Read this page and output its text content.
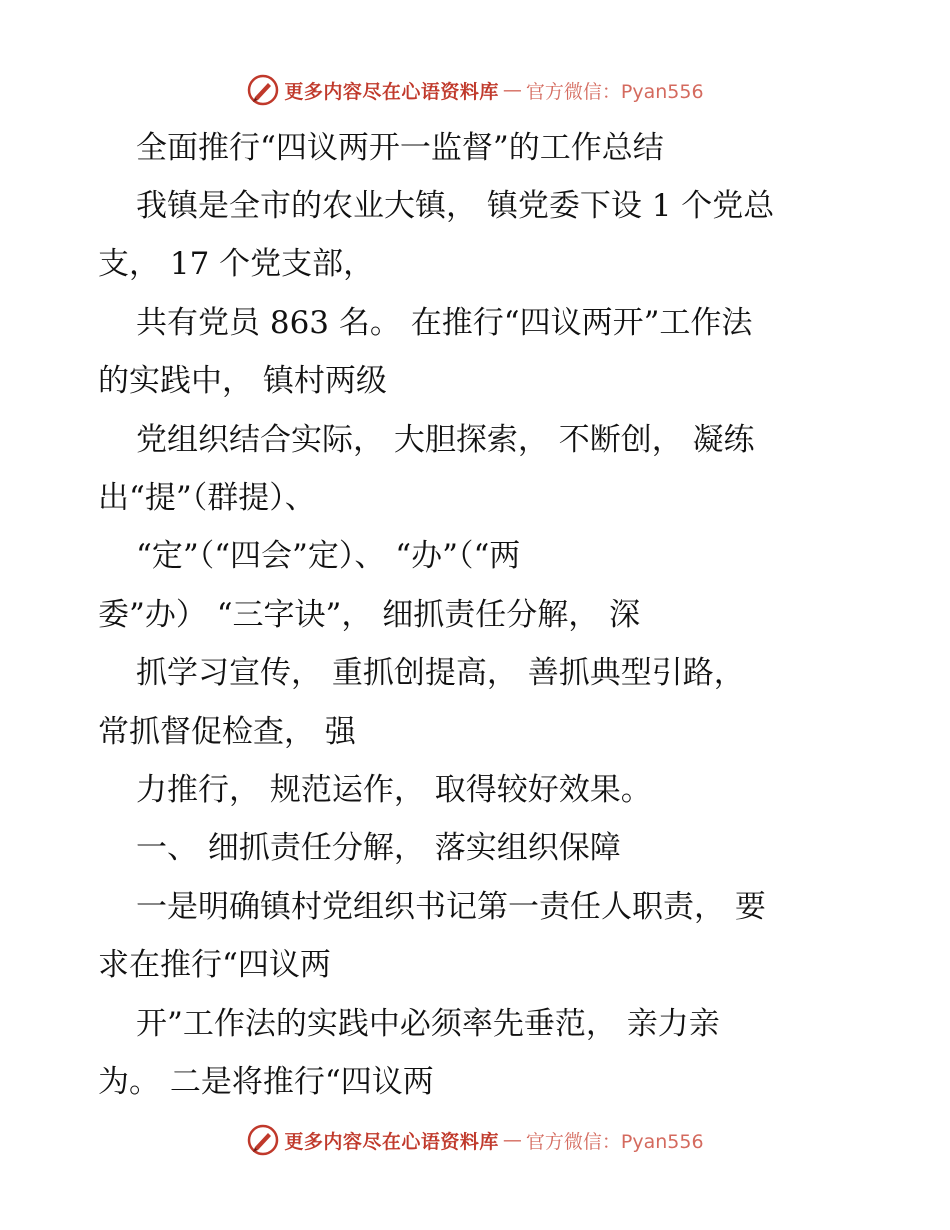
更多内容尽在心语资料库 — 官方微信：Pyan556
全面推行“四议两开一监督”的工作总结
我镇是全市的农业大镇， 镇党委下设 1 个党总
支， 17 个党支部，
共有党员 863 名。 在推行“四议两开”工作法
的实践中， 镇村两级
党组织结合实际， 大胆探索， 不断创， 凝练
出“提”（群提）、
“定”（“四会”定）、 “办”（“两
委”办） “三字诀”， 细抓责任分解， 深
抓学习宣传， 重抓创提高， 善抓典型引路，
常抓督促检查， 强
力推行， 规范运作， 取得较好效果。
一、 细抓责任分解， 落实组织保障
一是明确镇村党组织书记第一责任人职责， 要
求在推行“四议两
开”工作法的实践中必须率先垂范， 亲力亲
为。 二是将推行“四议两
更多内容尽在心语资料库 — 官方微信：Pyan556
